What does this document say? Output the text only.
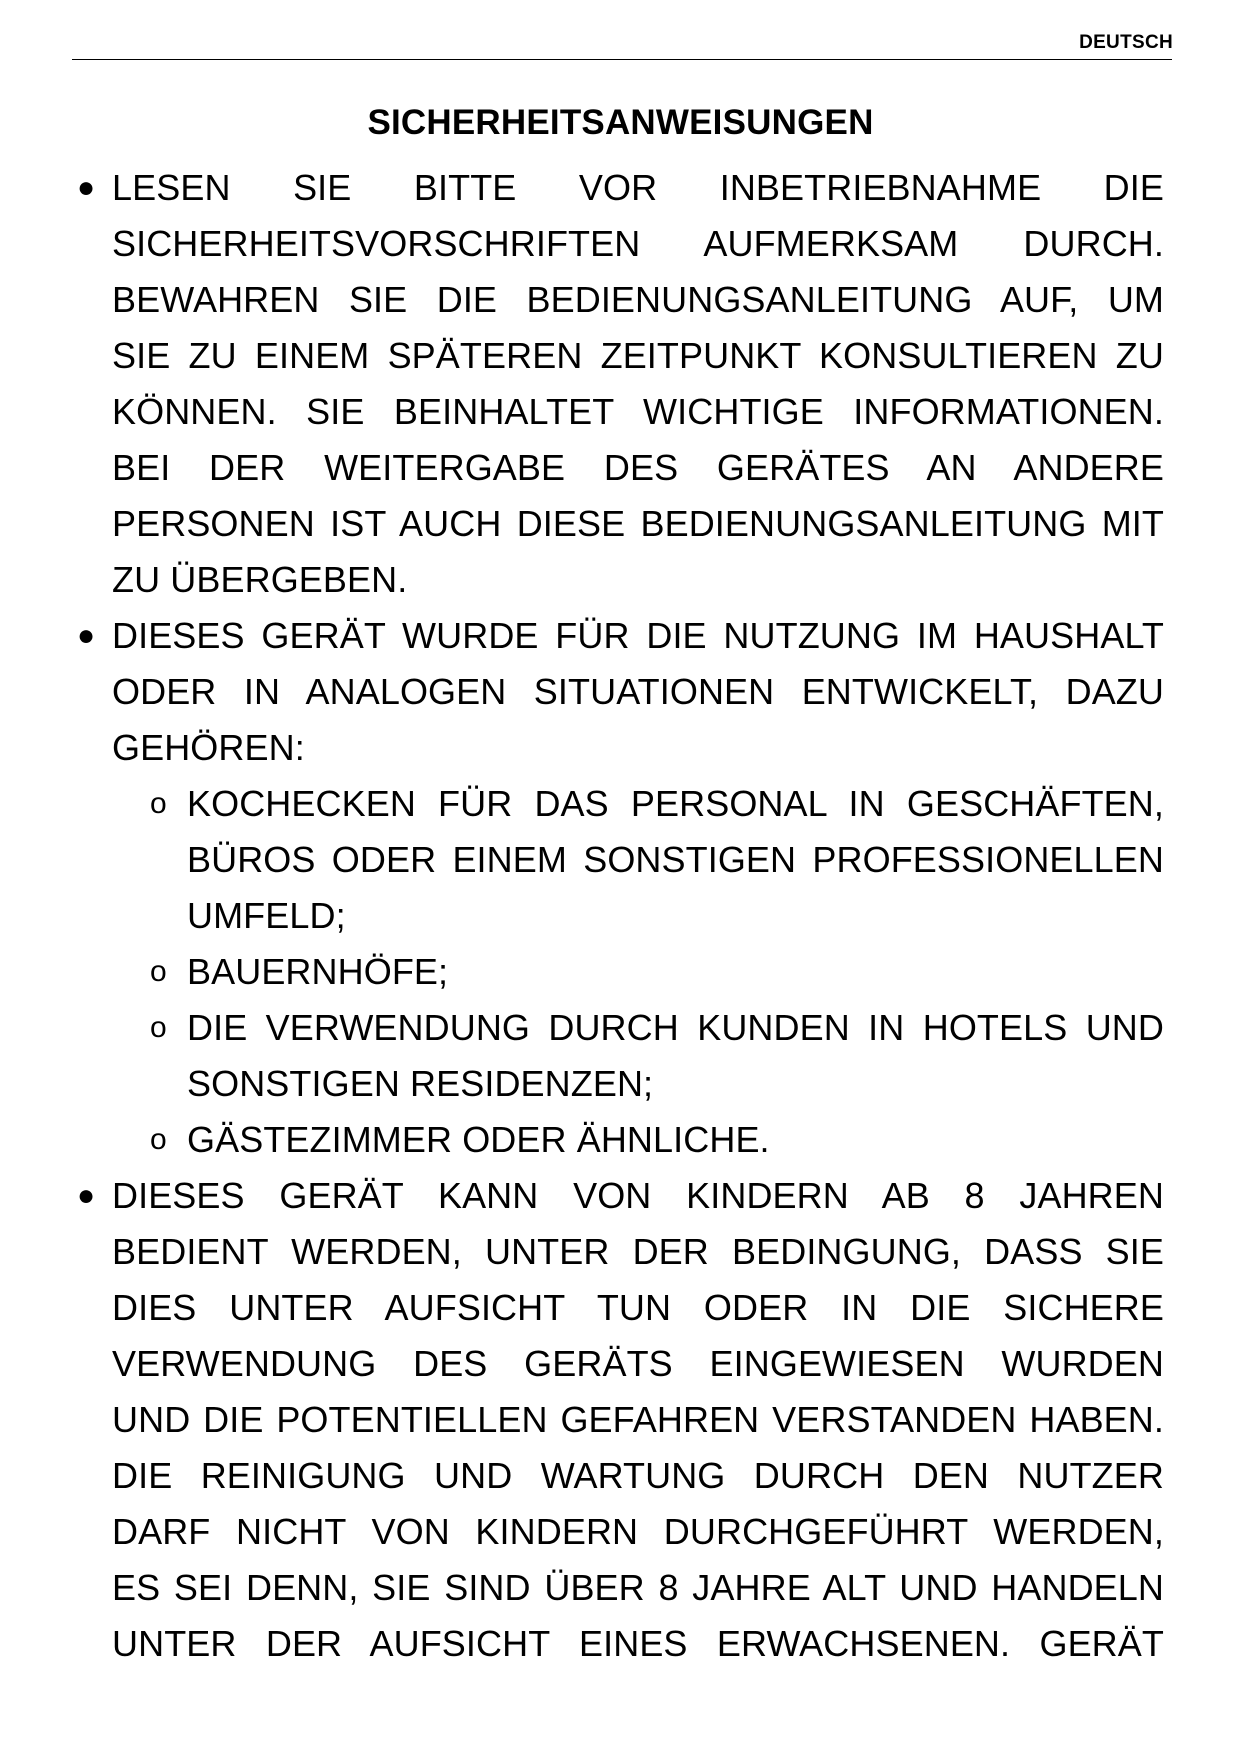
DEUTSCH
SICHERHEITSANWEISUNGEN
● LESEN SIE BITTE VOR INBETRIEBNAHME DIE
SICHERHEITSVORSCHRIFTEN AUFMERKSAM DURCH.
BEWAHREN SIE DIE BEDIENUNGSANLEITUNG AUF, UM
SIE ZU EINEM SPÄTEREN ZEITPUNKT KONSULTIEREN ZU
KÖNNEN. SIE BEINHALTET WICHTIGE INFORMATIONEN.
BEI DER WEITERGABE DES GERÄTES AN ANDERE
PERSONEN IST AUCH DIESE BEDIENUNGSANLEITUNG MIT
ZU ÜBERGEBEN.
● DIESES GERÄT WURDE FÜR DIE NUTZUNG IM HAUSHALT
ODER IN ANALOGEN SITUATIONEN ENTWICKELT, DAZU
GEHÖREN:
o KOCHECKEN FÜR DAS PERSONAL IN GESCHÄFTEN,
BÜROS ODER EINEM SONSTIGEN PROFESSIONELLEN
UMFELD;
o BAUERNHÖFE;
o DIE VERWENDUNG DURCH KUNDEN IN HOTELS UND
SONSTIGEN RESIDENZEN;
o GÄSTEZIMMER ODER ÄHNLICHE.
● DIESES GERÄT KANN VON KINDERN AB 8 JAHREN
BEDIENT WERDEN, UNTER DER BEDINGUNG, DASS SIE
DIES UNTER AUFSICHT TUN ODER IN DIE SICHERE
VERWENDUNG DES GERÄTS EINGEWIESEN WURDEN
UND DIE POTENTIELLEN GEFAHREN VERSTANDEN HABEN.
DIE REINIGUNG UND WARTUNG DURCH DEN NUTZER
DARF NICHT VON KINDERN DURCHGEFÜHRT WERDEN,
ES SEI DENN, SIE SIND ÜBER 8 JAHRE ALT UND HANDELN
UNTER DER AUFSICHT EINES ERWACHSENEN. GERÄT
